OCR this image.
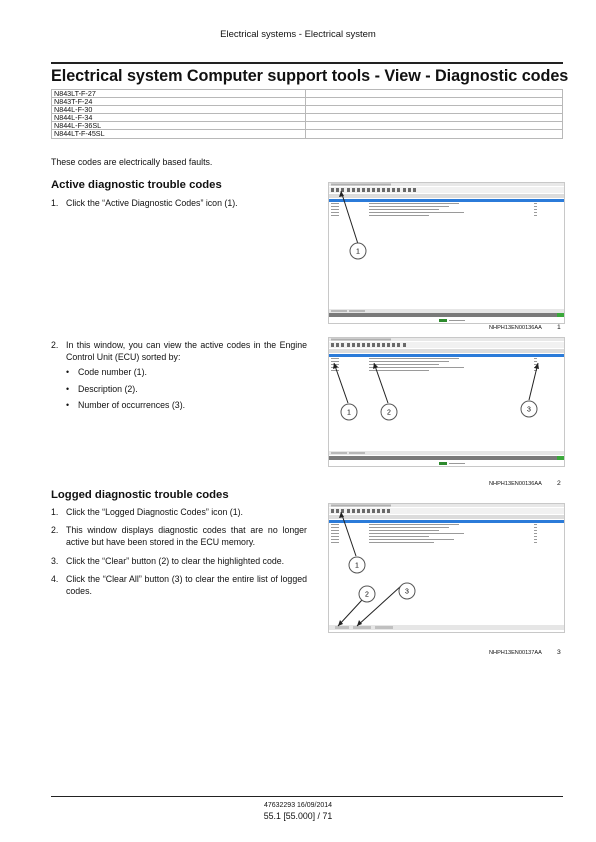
Electrical systems - Electrical system
Electrical system Computer support tools - View - Diagnostic codes
N843LT-F-27	
N843T-F-24	
N844L-F-30	
N844L-F-34	
N844L-F-36SL	
N844LT-F-45SL	
These codes are electrically based faults.
Active diagnostic trouble codes
1. Click the “Active Diagnostic Codes” icon (1).
2. In this window, you can view the active codes in the Engine Control Unit (ECU) sorted by:
• Code number (1).
• Description (2).
• Number of occurrences (3).
Logged diagnostic trouble codes
1. Click the “Logged Diagnostic Codes” icon (1).
2. This window displays diagnostic codes that are no longer active but have been stored in the ECU memory.
3. Click the “Clear” button (2) to clear the highlighted code.
4. Click the “Clear All” button (3) to clear the entire list of logged codes.
1
NHPH13EN00136AA 1
1	2	3
NHPH13EN00136AA 2
1
2	3
NHPH13EN00137AA 3
47632293 16/09/2014
55.1 [55.000] / 71
